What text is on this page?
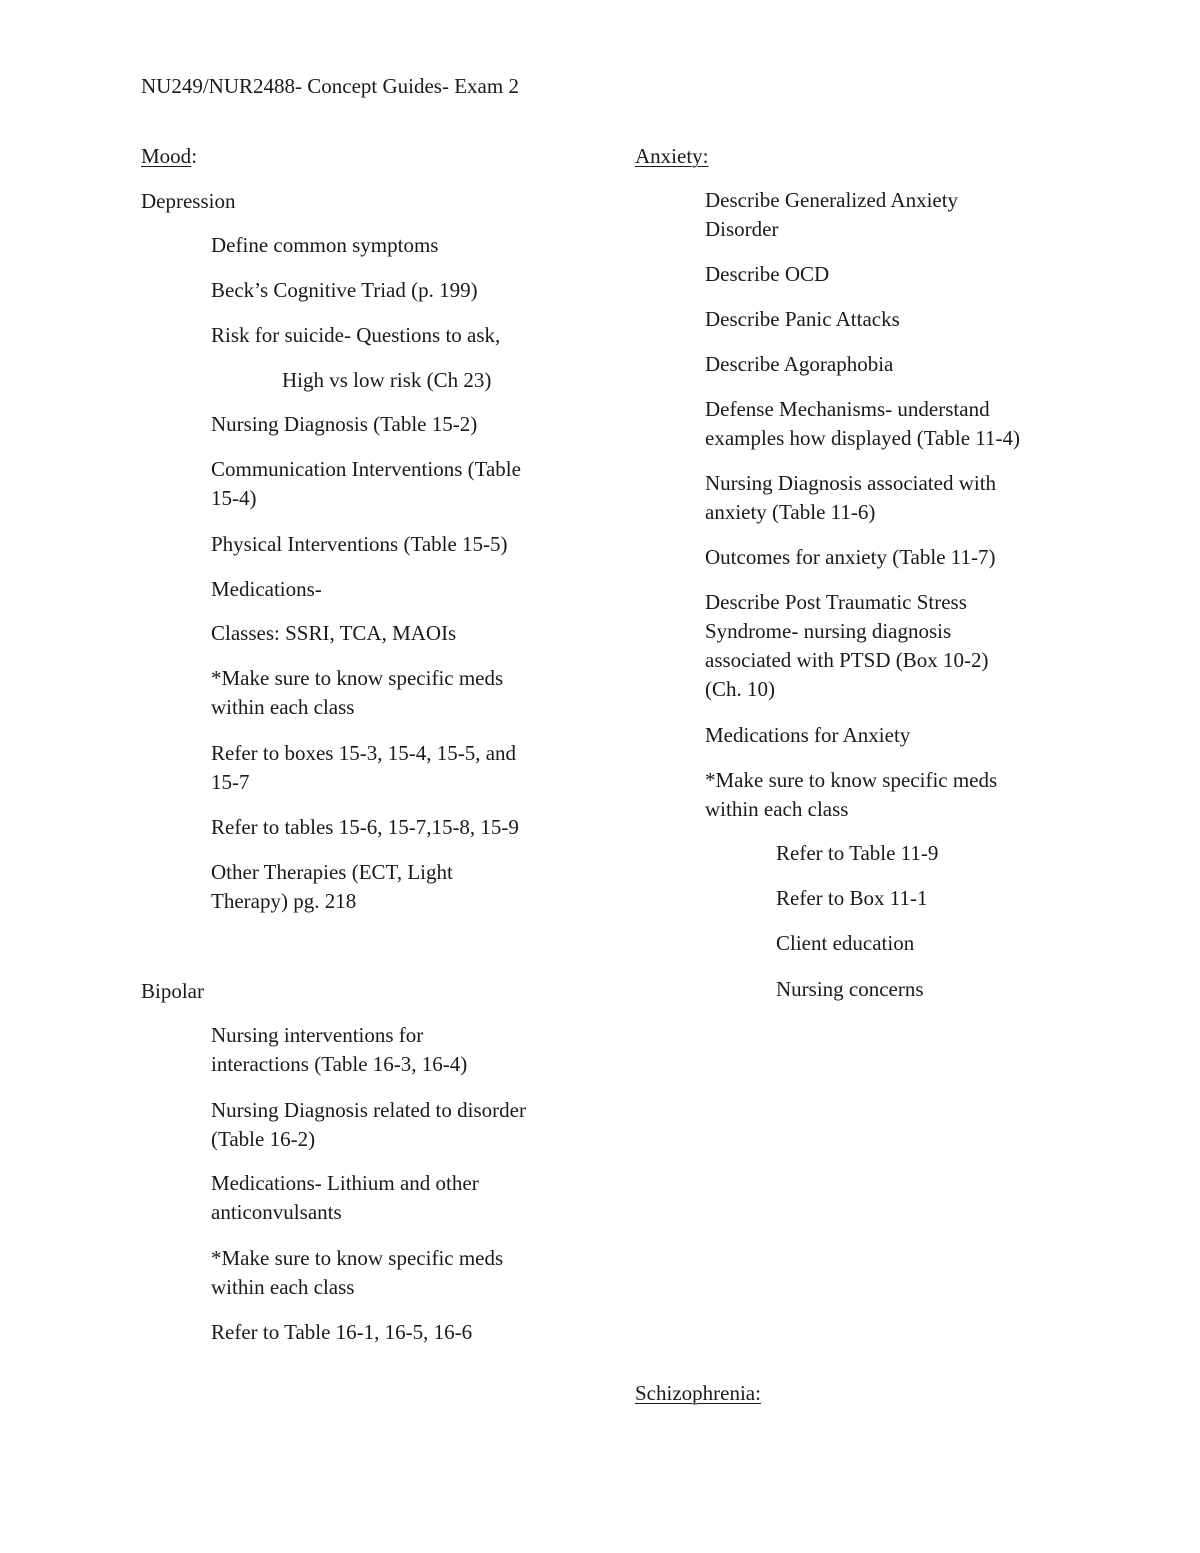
NU249/NUR2488- Concept Guides- Exam 2

Mood:

Depression

Define common symptoms

Beck’s Cognitive Triad (p. 199)

Risk for suicide- Questions to ask,

High vs low risk (Ch 23)

Nursing Diagnosis (Table 15-2)

Communication Interventions (Table
15-4)

Physical Interventions (Table 15-5)

Medications-

Classes: SSRI, TCA, MAOIs

*Make sure to know specific meds
within each class

Refer to boxes 15-3, 15-4, 15-5, and
15-7

Refer to tables 15-6, 15-7,15-8, 15-9

Other Therapies (ECT, Light
Therapy) pg. 218

Bipolar

Nursing interventions for
interactions (Table 16-3, 16-4)

Nursing Diagnosis related to disorder
(Table 16-2)

Medications- Lithium and other
anticonvulsants

*Make sure to know specific meds
within each class

Refer to Table 16-1, 16-5, 16-6

Anxiety:

Describe Generalized Anxiety
Disorder

Describe OCD

Describe Panic Attacks

Describe Agoraphobia

Defense Mechanisms- understand
examples how displayed (Table 11-4)

Nursing Diagnosis associated with
anxiety (Table 11-6)

Outcomes for anxiety (Table 11-7)

Describe Post Traumatic Stress
Syndrome- nursing diagnosis
associated with PTSD (Box 10-2)
(Ch. 10)

Medications for Anxiety

*Make sure to know specific meds
within each class

Refer to Table 11-9

Refer to Box 11-1

Client education

Nursing concerns

Schizophrenia:
